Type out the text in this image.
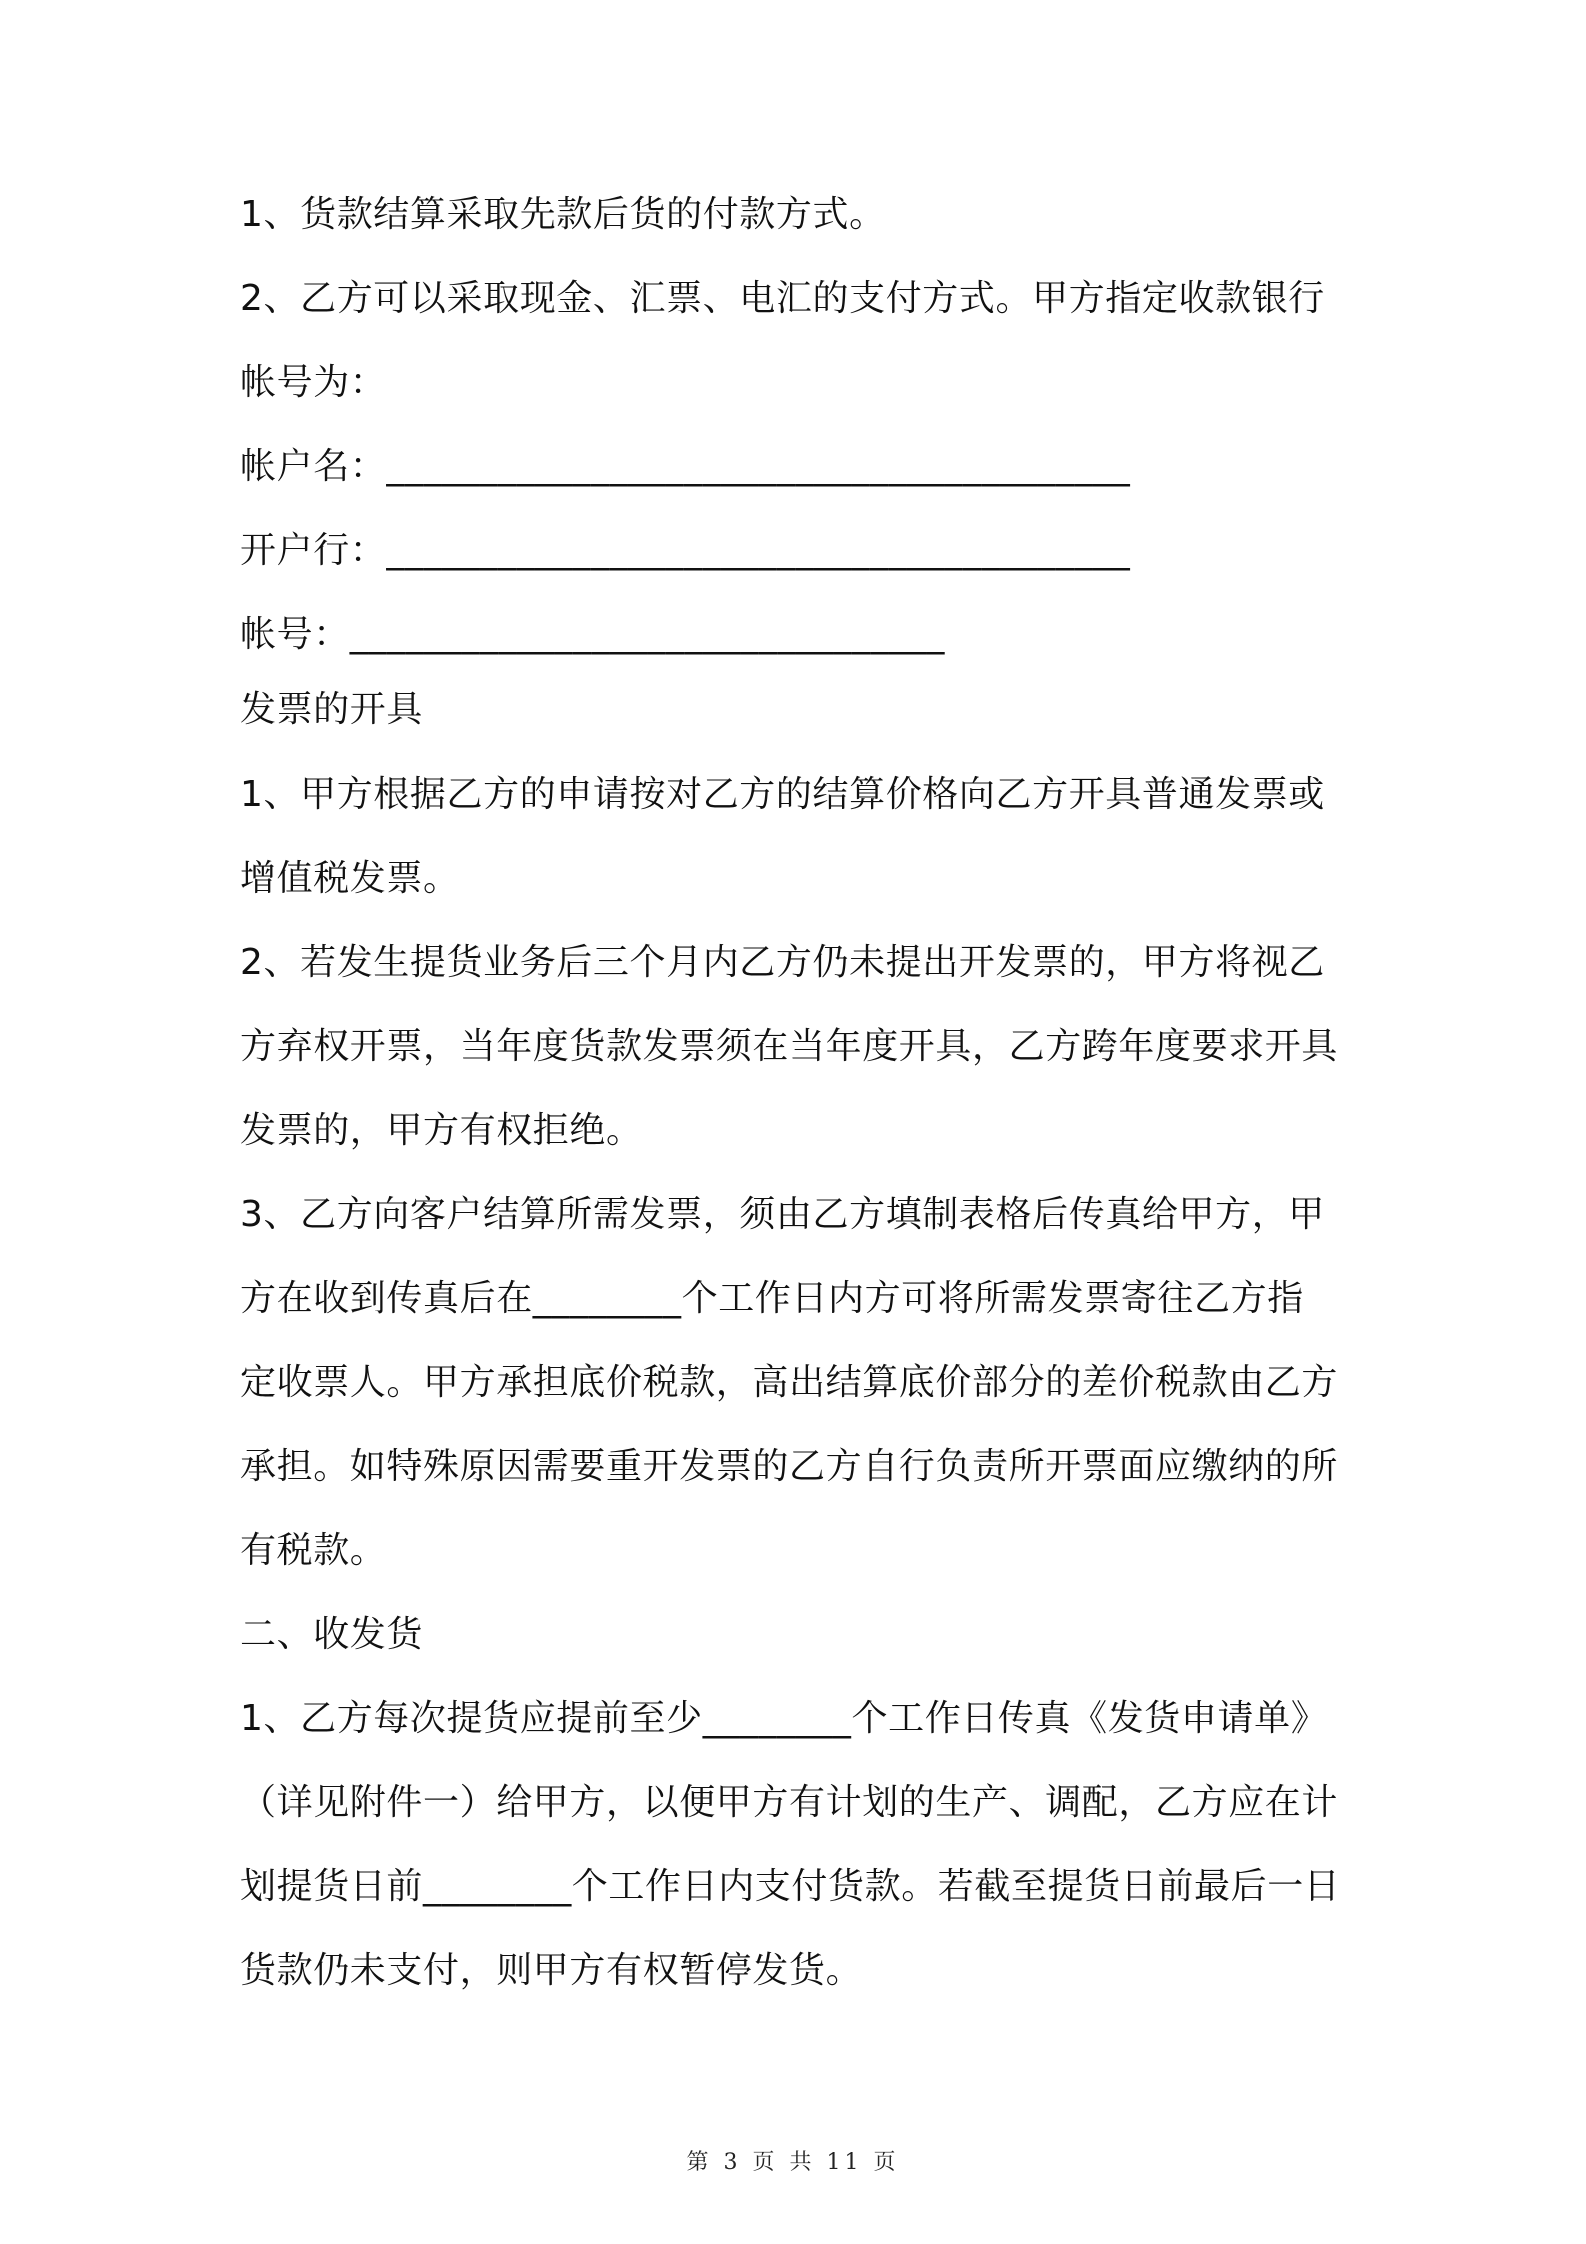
1、货款结算采取先款后货的付款方式。
2、乙方可以采取现金、汇票、电汇的支付方式。甲方指定收款银行
帐号为：
帐户名：________________________________________
开户行：________________________________________
帐号：________________________________
发票的开具
1、甲方根据乙方的申请按对乙方的结算价格向乙方开具普通发票或
增值税发票。
2、若发生提货业务后三个月内乙方仍未提出开发票的，甲方将视乙
方弃权开票，当年度货款发票须在当年度开具，乙方跨年度要求开具
发票的，甲方有权拒绝。
3、乙方向客户结算所需发票，须由乙方填制表格后传真给甲方，甲
方在收到传真后在________个工作日内方可将所需发票寄往乙方指
定收票人。甲方承担底价税款，高出结算底价部分的差价税款由乙方
承担。如特殊原因需要重开发票的乙方自行负责所开票面应缴纳的所
有税款。
二、收发货
1、乙方每次提货应提前至少________个工作日传真《发货申请单》
（详见附件一）给甲方，以便甲方有计划的生产、调配，乙方应在计
划提货日前________个工作日内支付货款。若截至提货日前最后一日
货款仍未支付，则甲方有权暂停发货。
第 3 页 共 11 页
